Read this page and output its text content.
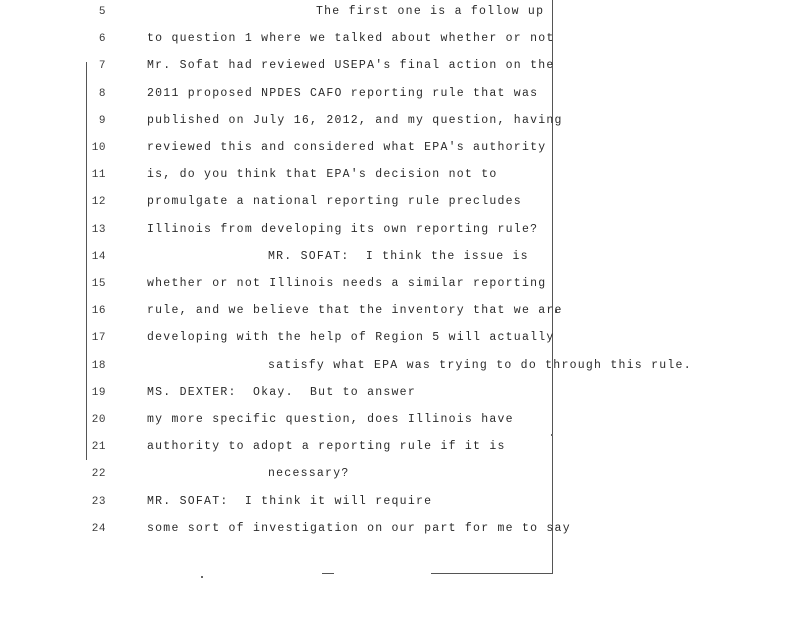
5	The first one is a follow up
6	to question 1 where we talked about whether or not
7	Mr. Sofat had reviewed USEPA's final action on the
8	2011 proposed NPDES CAFO reporting rule that was
9	published on July 16, 2012, and my question, having
10	reviewed this and considered what EPA's authority
11	is, do you think that EPA's decision not to
12	promulgate a national reporting rule precludes
13	Illinois from developing its own reporting rule?
14	MR. SOFAT:  I think the issue is
15	whether or not Illinois needs a similar reporting
16	rule, and we believe that the inventory that we are
17	developing with the help of Region 5 will actually
18	satisfy what EPA was trying to do through this rule.
19	MS. DEXTER:  Okay.  But to answer
20	my more specific question, does Illinois have
21	authority to adopt a reporting rule if it is
22	necessary?
23	MR. SOFAT:  I think it will require
24	some sort of investigation on our part for me to say
